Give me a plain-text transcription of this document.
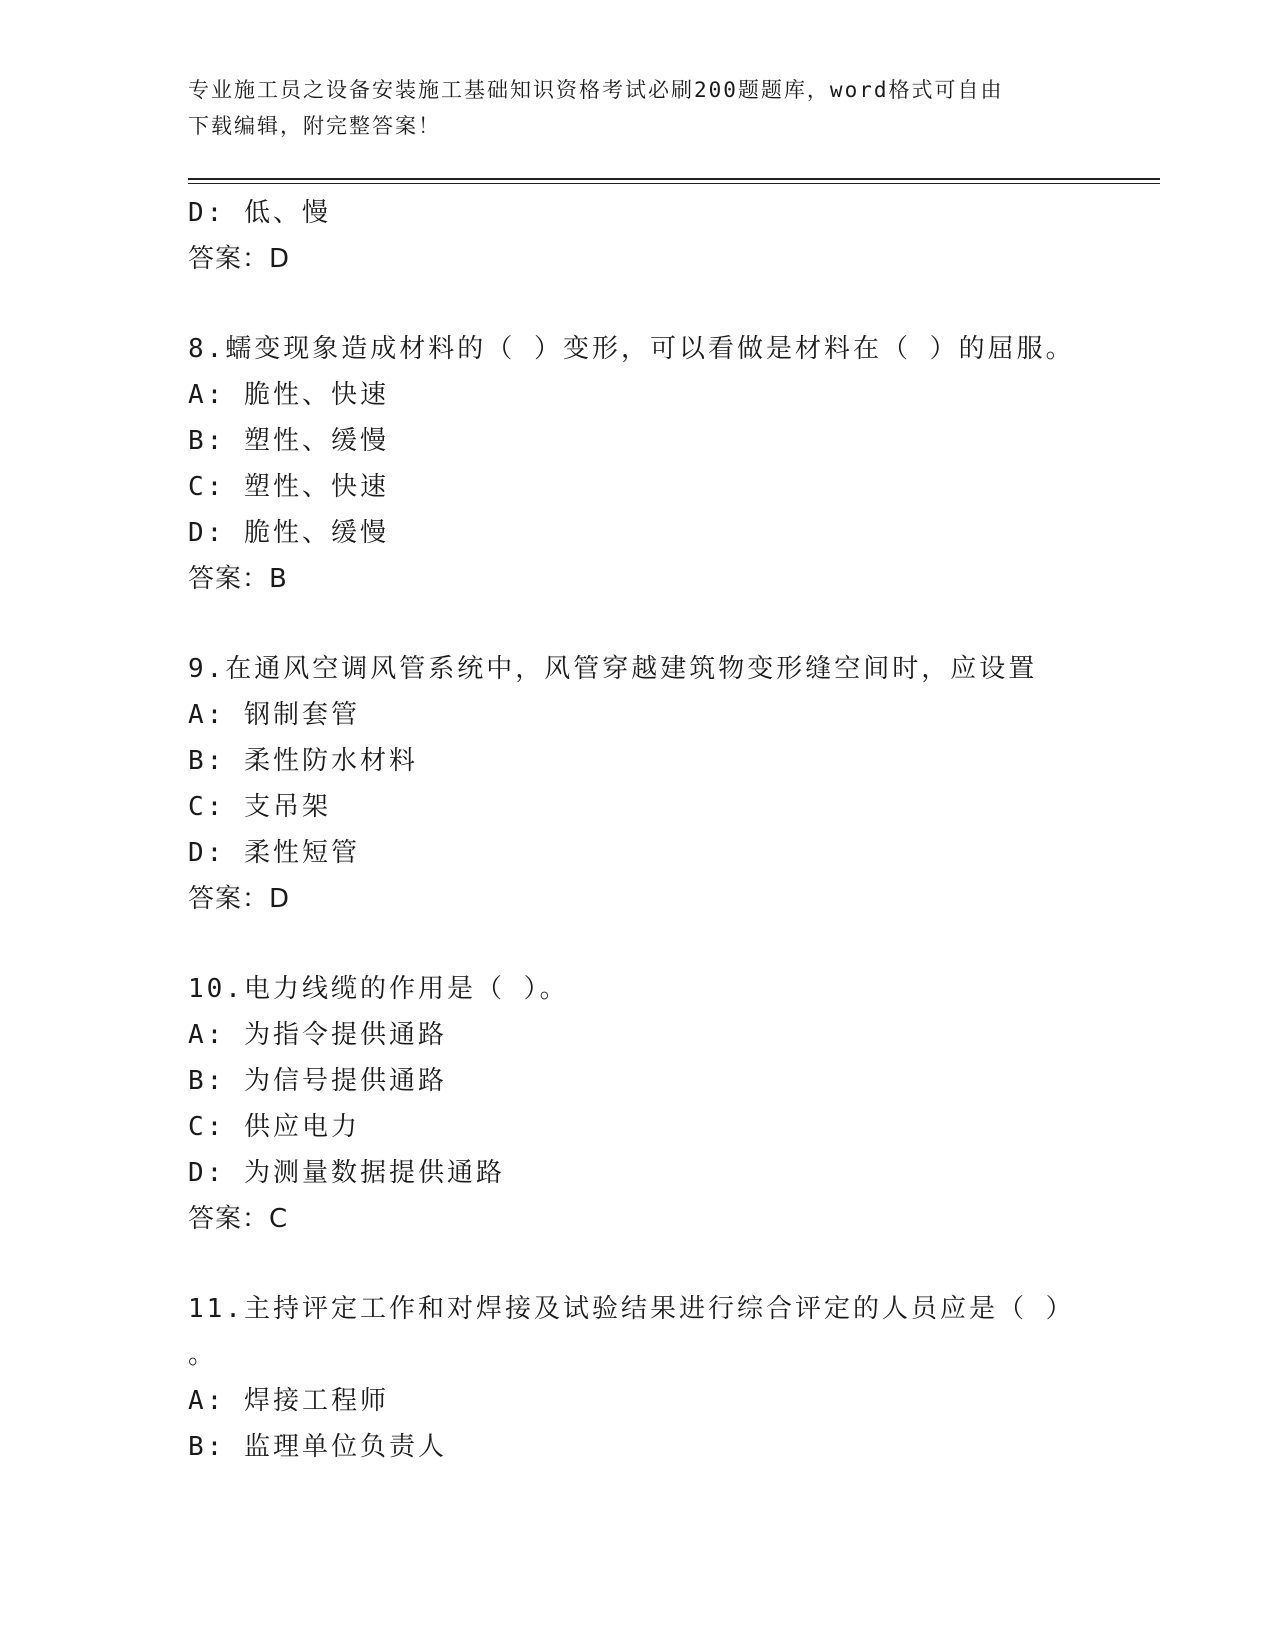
专业施工员之设备安装施工基础知识资格考试必刷200题题库，word格式可自由
下载编辑，附完整答案！
D: 低、慢
答案：D
8.蠕变现象造成材料的（ ）变形，可以看做是材料在（ ）的屈服。
A: 脆性、快速
B: 塑性、缓慢
C: 塑性、快速
D: 脆性、缓慢
答案：B
9.在通风空调风管系统中，风管穿越建筑物变形缝空间时，应设置
A: 钢制套管
B: 柔性防水材料
C: 支吊架
D: 柔性短管
答案：D
10.电力线缆的作用是（ ）。
A: 为指令提供通路
B: 为信号提供通路
C: 供应电力
D: 为测量数据提供通路
答案：C
11.主持评定工作和对焊接及试验结果进行综合评定的人员应是（ ）
。
A: 焊接工程师
B: 监理单位负责人
